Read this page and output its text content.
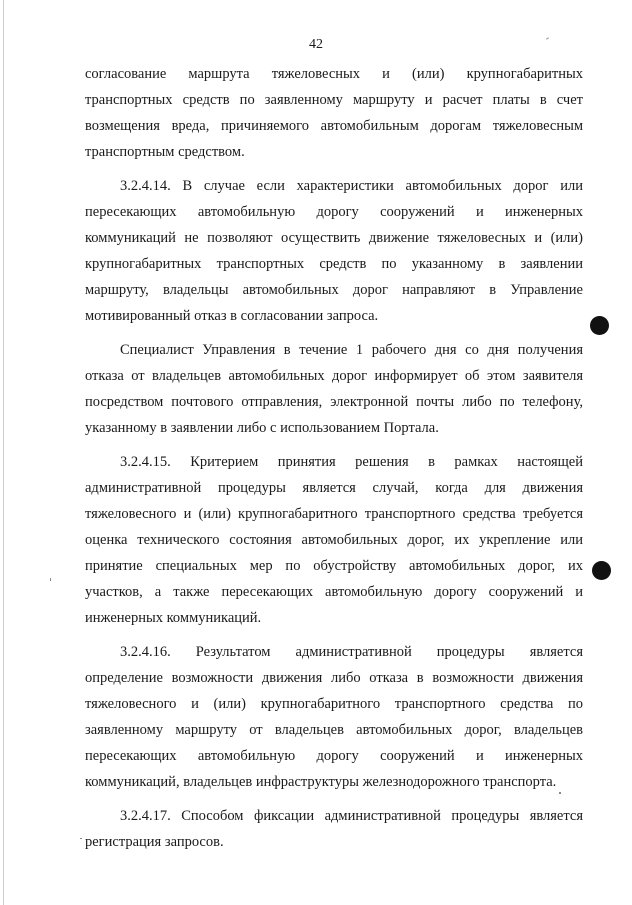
42

согласование маршрута тяжеловесных и (или) крупногабаритных
транспортных средств по заявленному маршруту и расчет платы в счет
возмещения вреда, причиняемого автомобильным дорогам тяжеловесным
транспортным средством.

3.2.4.14. В случае если характеристики автомобильных дорог или
пересекающих автомобильную дорогу сооружений и инженерных
коммуникаций не позволяют осуществить движение тяжеловесных и (или)
крупногабаритных транспортных средств по указанному в заявлении
маршруту, владельцы автомобильных дорог направляют в Управление
мотивированный отказ в согласовании запроса.

Специалист Управления в течение 1 рабочего дня со дня получения
отказа от владельцев автомобильных дорог информирует об этом заявителя
посредством почтового отправления, электронной почты либо по телефону,
указанному в заявлении либо с использованием Портала.

3.2.4.15. Критерием принятия решения в рамках настоящей
административной процедуры является случай, когда для движения
тяжеловесного и (или) крупногабаритного транспортного средства требуется
оценка технического состояния автомобильных дорог, их укрепление или
принятие специальных мер по обустройству автомобильных дорог, их
участков, а также пересекающих автомобильную дорогу сооружений и
инженерных коммуникаций.

3.2.4.16. Результатом административной процедуры является
определение возможности движения либо отказа в возможности движения
тяжеловесного и (или) крупногабаритного транспортного средства по
заявленному маршруту от владельцев автомобильных дорог, владельцев
пересекающих автомобильную дорогу сооружений и инженерных
коммуникаций, владельцев инфраструктуры железнодорожного транспорта.

3.2.4.17. Способом фиксации административной процедуры является
регистрация запросов.
